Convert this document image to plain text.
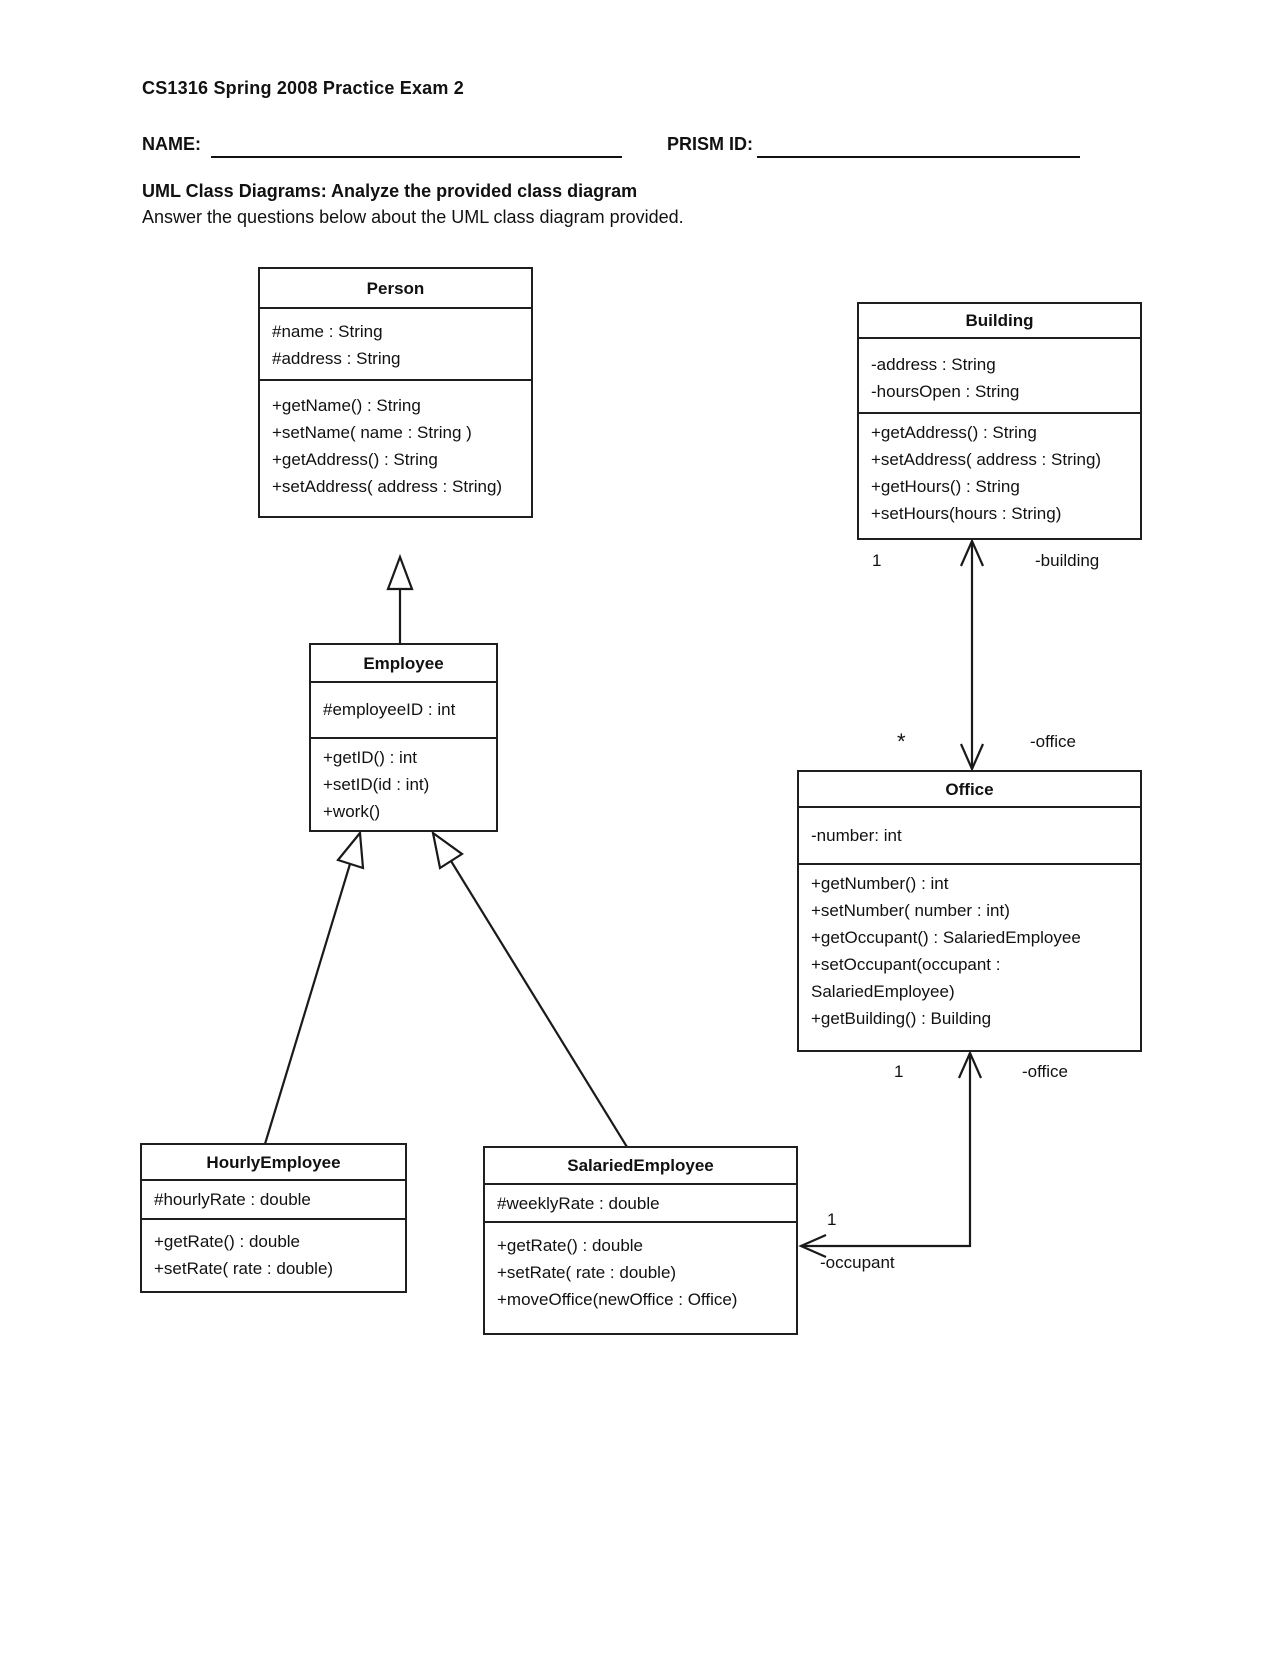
CS1316 Spring 2008 Practice Exam 2
NAME:	PRISM ID:
UML Class Diagrams: Analyze the provided class diagram
Answer the questions below about the UML class diagram provided.
Person
#name : String
#address : String
+getName() : String
+setName( name : String )
+getAddress() : String
+setAddress( address : String)
Building
-address : String
-hoursOpen : String
+getAddress() : String
+setAddress( address : String)
+getHours() : String
+setHours(hours : String)
Employee
#employeeID : int
+getID() : int
+setID(id : int)
+work()
Office
-number: int
+getNumber() : int
+setNumber( number : int)
+getOccupant() : SalariedEmployee
+setOccupant(occupant : SalariedEmployee)
+getBuilding() : Building
HourlyEmployee
#hourlyRate : double
+getRate() : double
+setRate( rate : double)
SalariedEmployee
#weeklyRate : double
+getRate() : double
+setRate( rate : double)
+moveOffice(newOffice : Office)
1	-building
*	-office
1	-office
1
-occupant
